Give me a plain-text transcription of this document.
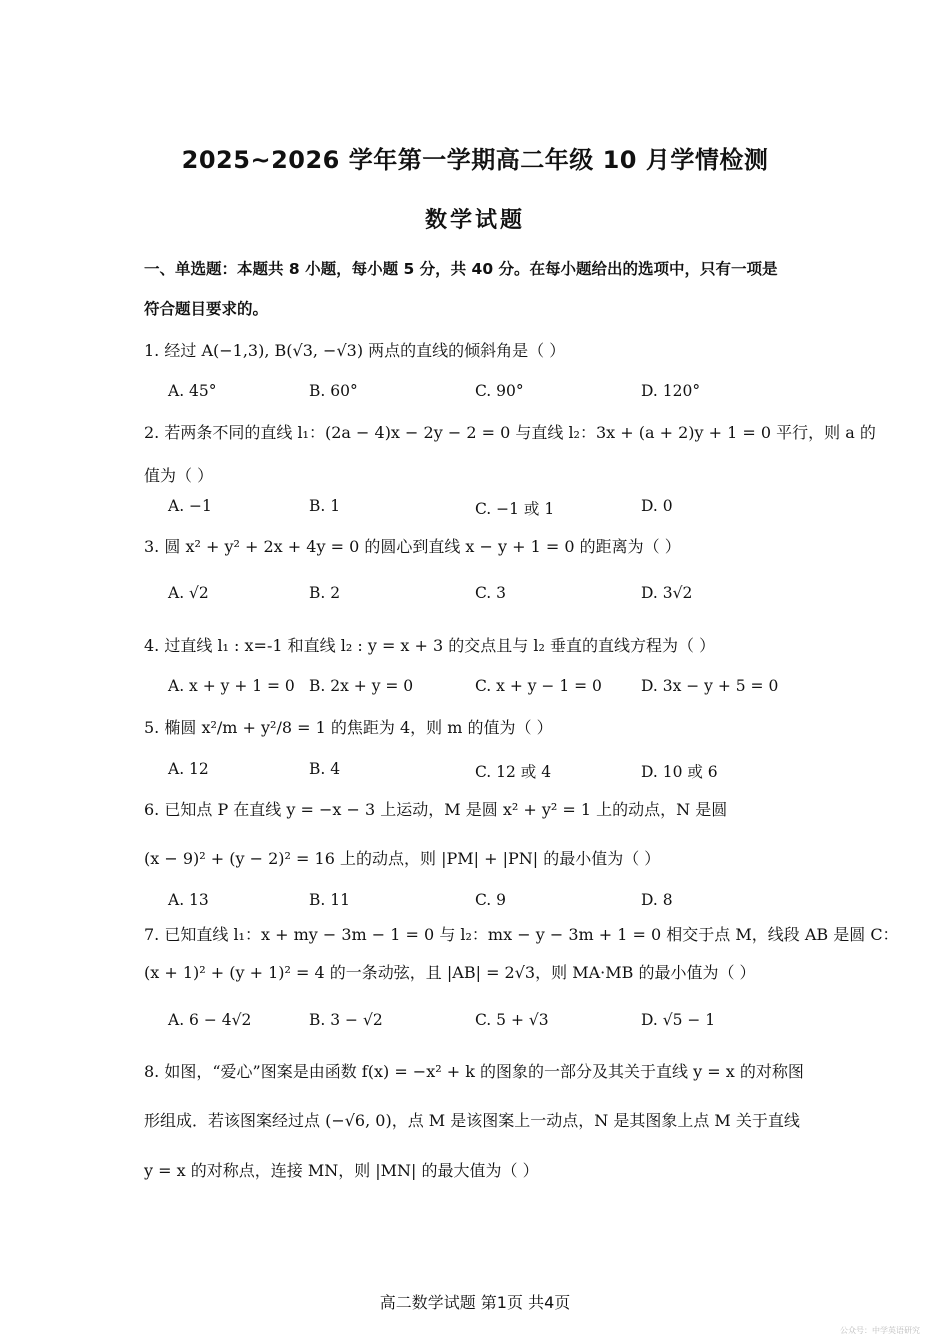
2025~2026 学年第一学期高二年级 10 月学情检测
数学试题
一、单选题：本题共 8 小题，每小题 5 分，共 40 分。在每小题给出的选项中，只有一项是
符合题目要求的。
1. 经过 A(−1,3), B(√3, −√3) 两点的直线的倾斜角是（ ）
A. 45°	B. 60°	C. 90°	D. 120°
2. 若两条不同的直线 l₁：(2a − 4)x − 2y − 2 = 0 与直线 l₂：3x + (a + 2)y + 1 = 0 平行，则 a 的
值为（ ）
A. −1	B. 1	C. −1 或 1	D. 0
3. 圆 x² + y² + 2x + 4y = 0 的圆心到直线 x − y + 1 = 0 的距离为（ ）
A. √2	B. 2	C. 3	D. 3√2
4. 过直线 l₁ : x=-1 和直线 l₂ : y = x + 3 的交点且与 l₂ 垂直的直线方程为（ ）
A. x + y + 1 = 0 B. 2x + y = 0	C. x + y − 1 = 0	D. 3x − y + 5 = 0
5. 椭圆 x²/m + y²/8 = 1 的焦距为 4，则 m 的值为（ ）
A. 12	B. 4	C. 12 或 4	D. 10 或 6
6. 已知点 P 在直线 y = −x − 3 上运动，M 是圆 x² + y² = 1 上的动点，N 是圆
(x − 9)² + (y − 2)² = 16 上的动点，则 |PM| + |PN| 的最小值为（ ）
A. 13	B. 11	C. 9	D. 8
7. 已知直线 l₁：x + my − 3m − 1 = 0 与 l₂：mx − y − 3m + 1 = 0 相交于点 M，线段 AB 是圆 C：
(x + 1)² + (y + 1)² = 4 的一条动弦，且 |AB| = 2√3，则 MA·MB 的最小值为（ ）
A. 6 − 4√2	B. 3 − √2	C. 5 + √3	D. √5 − 1
8. 如图，“爱心”图案是由函数 f(x) = −x² + k 的图象的一部分及其关于直线 y = x 的对称图
形组成．若该图案经过点 (−√6, 0)，点 M 是该图案上一动点，N 是其图象上点 M 关于直线
y = x 的对称点，连接 MN，则 |MN| 的最大值为（ ）
高二数学试题 第1页 共4页
公众号：中学英语研究
